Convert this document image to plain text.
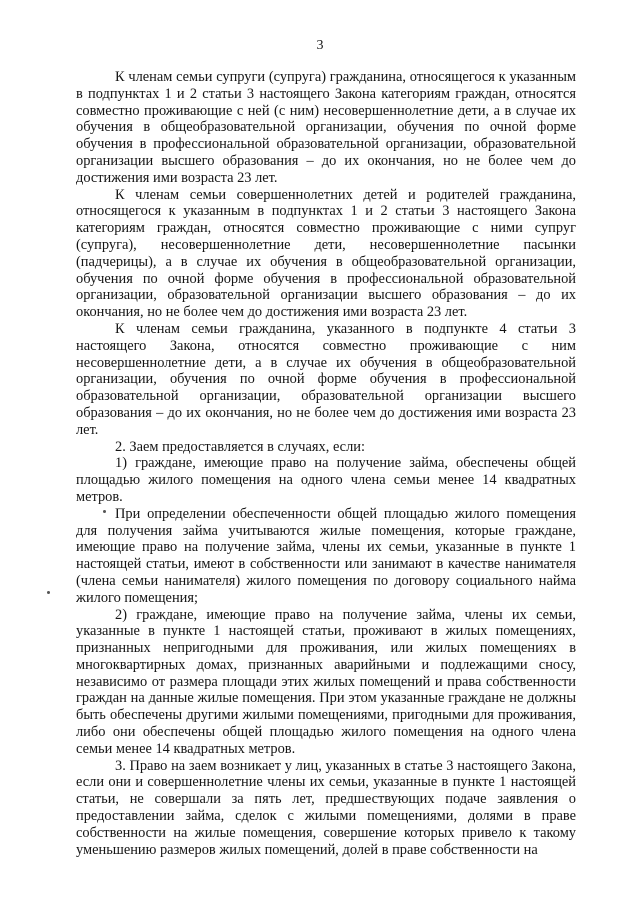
3

К членам семьи супруги (супруга) гражданина, относящегося к указанным в подпунктах 1 и 2 статьи 3 настоящего Закона категориям граждан, относятся совместно проживающие с ней (с ним) несовершеннолетние дети, а в случае их обучения в общеобразовательной организации, обучения по очной форме обучения в профессиональной образовательной организации, образовательной организации высшего образования – до их окончания, но не более чем до достижения ими возраста 23 лет.

К членам семьи совершеннолетних детей и родителей гражданина, относящегося к указанным в подпунктах 1 и 2 статьи 3 настоящего Закона категориям граждан, относятся совместно проживающие с ними супруг (супруга), несовершеннолетние дети, несовершеннолетние пасынки (падчерицы), а в случае их обучения в общеобразовательной организации, обучения по очной форме обучения в профессиональной образовательной организации, образовательной организации высшего образования – до их окончания, но не более чем до достижения ими возраста 23 лет.

К членам семьи гражданина, указанного в подпункте 4 статьи 3 настоящего Закона, относятся совместно проживающие с ним несовершеннолетние дети, а в случае их обучения в общеобразовательной организации, обучения по очной форме обучения в профессиональной образовательной организации, образовательной организации высшего образования – до их окончания, но не более чем до достижения ими возраста 23 лет.

2. Заем предоставляется в случаях, если:

1) граждане, имеющие право на получение займа, обеспечены общей площадью жилого помещения на одного члена семьи менее 14 квадратных метров.

При определении обеспеченности общей площадью жилого помещения для получения займа учитываются жилые помещения, которые граждане, имеющие право на получение займа, члены их семьи, указанные в пункте 1 настоящей статьи, имеют в собственности или занимают в качестве нанимателя (члена семьи нанимателя) жилого помещения по договору социального найма жилого помещения;

2) граждане, имеющие право на получение займа, члены их семьи, указанные в пункте 1 настоящей статьи, проживают в жилых помещениях, признанных непригодными для проживания, или жилых помещениях в многоквартирных домах, признанных аварийными и подлежащими сносу, независимо от размера площади этих жилых помещений и права собственности граждан на данные жилые помещения. При этом указанные граждане не должны быть обеспечены другими жилыми помещениями, пригодными для проживания, либо они обеспечены общей площадью жилого помещения на одного члена семьи менее 14 квадратных метров.

3. Право на заем возникает у лиц, указанных в статье 3 настоящего Закона, если они и совершеннолетние члены их семьи, указанные в пункте 1 настоящей статьи, не совершали за пять лет, предшествующих подаче заявления о предоставлении займа, сделок с жилыми помещениями, долями в праве собственности на жилые помещения, совершение которых привело к такому уменьшению размеров жилых помещений, долей в праве собственности на
